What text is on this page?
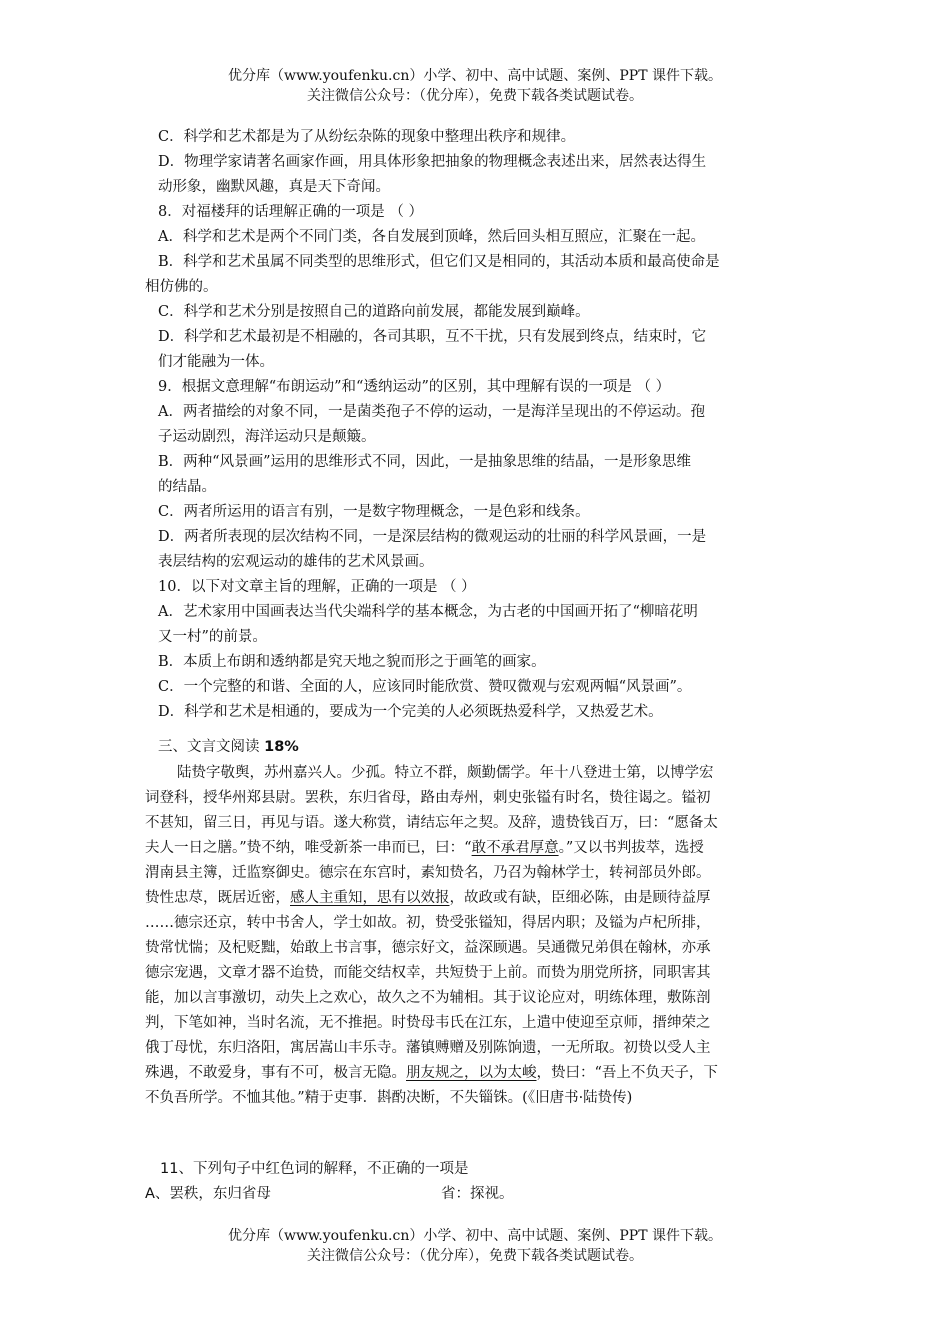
优分库（www.youfenku.cn）小学、初中、高中试题、案例、PPT 课件下载。
关注微信公众号：（优分库），免费下载各类试题试卷。
C．科学和艺术都是为了从纷纭杂陈的现象中整理出秩序和规律。
D．物理学家请著名画家作画，用具体形象把抽象的物理概念表述出来，居然表达得生
动形象，幽默风趣，真是天下奇闻。
8．对福楼拜的话理解正确的一项是 （ ）
A．科学和艺术是两个不同门类，各自发展到顶峰，然后回头相互照应，汇聚在一起。
B．科学和艺术虽属不同类型的思维形式，但它们又是相同的，其活动本质和最高使命是
相仿佛的。
C．科学和艺术分别是按照自己的道路向前发展，都能发展到巅峰。
D．科学和艺术最初是不相融的，各司其职，互不干扰，只有发展到终点，结束时，它
们才能融为一体。
9．根据文意理解“布朗运动”和“透纳运动”的区别，其中理解有误的一项是 （ ）
A．两者描绘的对象不同，一是菌类孢子不停的运动，一是海洋呈现出的不停运动。孢
子运动剧烈，海洋运动只是颠簸。
B．两种“风景画”运用的思维形式不同，因此，一是抽象思维的结晶，一是形象思维
的结晶。
C．两者所运用的语言有别，一是数字物理概念，一是色彩和线条。
D．两者所表现的层次结构不同，一是深层结构的微观运动的壮丽的科学风景画，一是
表层结构的宏观运动的雄伟的艺术风景画。
10．以下对文章主旨的理解，正确的一项是 （ ）
A．艺术家用中国画表达当代尖端科学的基本概念，为古老的中国画开拓了“柳暗花明
又一村”的前景。
B．本质上布朗和透纳都是究天地之貌而形之于画笔的画家。
C．一个完整的和谐、全面的人，应该同时能欣赏、赞叹微观与宏观两幅“风景画”。
D．科学和艺术是相通的，要成为一个完美的人必须既热爱科学，又热爱艺术。
三、文言文阅读 18%
陆贽字敬舆，苏州嘉兴人。少孤。特立不群，颇勤儒学。年十八登进士第，以博学宏
词登科，授华州郑县尉。罢秩，东归省母，路由寿州，刺史张镒有时名，贽往谒之。镒初
不甚知，留三日，再见与语。遂大称赏，请结忘年之契。及辞，遗贽钱百万，曰：“愿备太
夫人一日之膳。”贽不纳，唯受新茶一串而已，曰：“敢不承君厚意。”又以书判拔萃，选授
渭南县主簿，迁监察御史。德宗在东宫时，素知贽名，乃召为翰林学士，转祠部员外郎。
贽性忠荩，既居近密，感人主重知，思有以效报，故政或有缺，臣细必陈，由是顾待益厚
……德宗还京，转中书舍人，学士如故。初，贽受张镒知，得居内职；及镒为卢杞所排，
贽常忧惴；及杞贬黜，始敢上书言事，德宗好文，益深顾遇。吴通微兄弟俱在翰林，亦承
德宗宠遇，文章才器不迨贽，而能交结权幸，共短贽于上前。而贽为朋党所挤，同职害其
能，加以言事激切，动失上之欢心，故久之不为辅相。其于议论应对，明练体理，敷陈剖
判，下笔如神，当时名流，无不推挹。时贽母韦氏在江东，上遣中使迎至京师，搢绅荣之
俄丁母忧，东归洛阳，寓居嵩山丰乐寺。藩镇赙赠及别陈饷遗，一无所取。初贽以受人主
殊遇，不敢爱身，事有不可，极言无隐。朋友规之，以为太峻，贽曰：“吾上不负天子，下
不负吾所学。不恤其他。”精于吏事．斟酌决断，不失锱铢。(《旧唐书·陆贽传)
11、下列句子中红色词的解释，不正确的一项是
A、罢秩，东归省母	省：探视。
优分库（www.youfenku.cn）小学、初中、高中试题、案例、PPT 课件下载。
关注微信公众号：（优分库），免费下载各类试题试卷。
